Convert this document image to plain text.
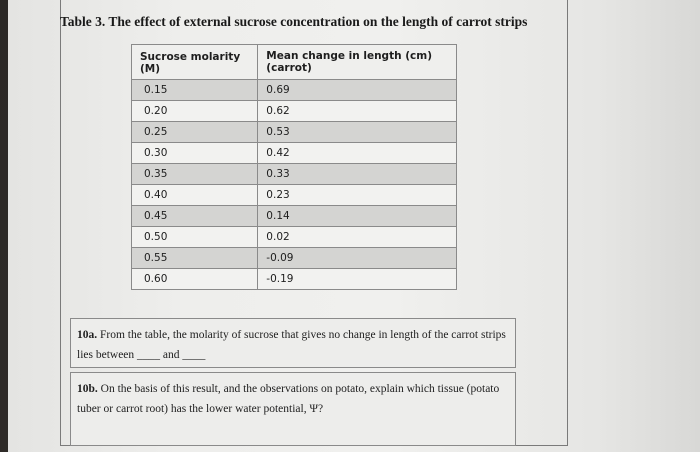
Table 3. The effect of external sucrose concentration on the length of carrot strips
Sucrose molarity (M)	Mean change in length (cm) (carrot)
0.15	0.69
0.20	0.62
0.25	0.53
0.30	0.42
0.35	0.33
0.40	0.23
0.45	0.14
0.50	0.02
0.55	-0.09
0.60	-0.19
10a. From the table, the molarity of sucrose that gives no change in length of the carrot strips lies between ____ and ____
10b. On the basis of this result, and the observations on potato, explain which tissue (potato tuber or carrot root) has the lower water potential, Ψ?
